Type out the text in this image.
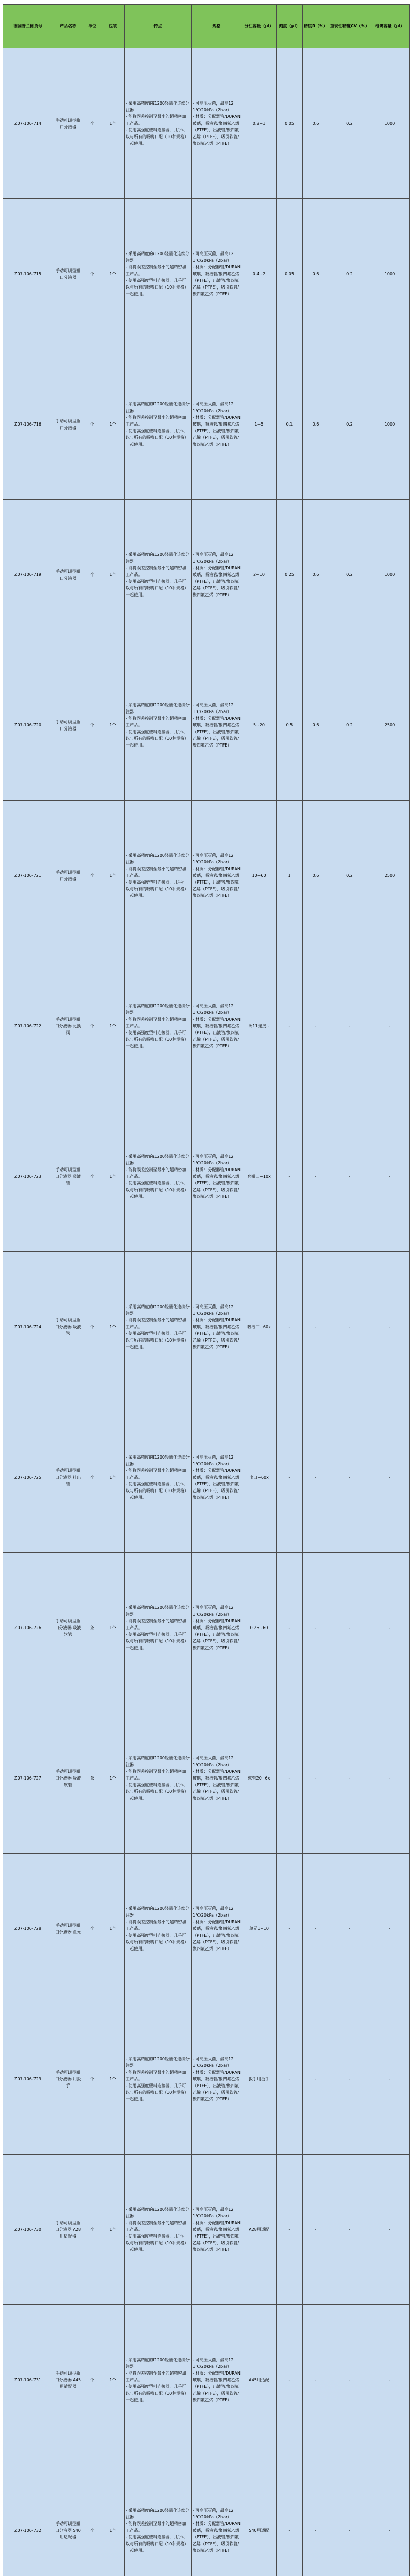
德国普兰德货号	产品名称	单位	包装	特点	规格	分注容量（μl）	刻度（μl）	精度R（%）	重现性精度CV（%）	枪嘴容量（μl）
Z07-106-714	手动可调型瓶口分液器	个	1个	- 采用高精度的ⅰ1200轻量化连续分注器
- 能将误差控制至最小的超精密加工产品。
- 使用高强度塑料连接器，几乎可以与所有的吸嘴口配（10种规格）一起使用。	- 可高压灭菌，最高121℃/20kPa（2bar）
- 材质：分配器管/DURAN玻璃，吸液管/聚四氟乙烯（PTFE），出液管/聚四氟乙烯（PTFE），吸引软管/聚四氟乙烯（PTFE）	0.2~1	0.05	0.6	0.2	1000
Z07-106-715	手动可调型瓶口分液器	个	1个	- 采用高精度的ⅰ1200轻量化连续分注器
- 能将误差控制至最小的超精密加工产品。
- 使用高强度塑料连接器，几乎可以与所有的吸嘴口配（10种规格）一起使用。	- 可高压灭菌，最高121℃/20kPa（2bar）
- 材质：分配器管/DURAN玻璃，吸液管/聚四氟乙烯（PTFE），出液管/聚四氟乙烯（PTFE），吸引软管/聚四氟乙烯（PTFE）	0.4~2	0.05	0.6	0.2	1000
Z07-106-716	手动可调型瓶口分液器	个	1个	- 采用高精度的ⅰ1200轻量化连续分注器
- 能将误差控制至最小的超精密加工产品。
- 使用高强度塑料连接器，几乎可以与所有的吸嘴口配（10种规格）一起使用。	- 可高压灭菌，最高121℃/20kPa（2bar）
- 材质：分配器管/DURAN玻璃，吸液管/聚四氟乙烯（PTFE），出液管/聚四氟乙烯（PTFE），吸引软管/聚四氟乙烯（PTFE）	1~5	0.1	0.6	0.2	1000
Z07-106-719	手动可调型瓶口分液器	个	1个	- 采用高精度的ⅰ1200轻量化连续分注器
- 能将误差控制至最小的超精密加工产品。
- 使用高强度塑料连接器，几乎可以与所有的吸嘴口配（10种规格）一起使用。	- 可高压灭菌，最高121℃/20kPa（2bar）
- 材质：分配器管/DURAN玻璃，吸液管/聚四氟乙烯（PTFE），出液管/聚四氟乙烯（PTFE），吸引软管/聚四氟乙烯（PTFE）	2~10	0.25	0.6	0.2	1000
Z07-106-720	手动可调型瓶口分液器	个	1个	- 采用高精度的ⅰ1200轻量化连续分注器
- 能将误差控制至最小的超精密加工产品。
- 使用高强度塑料连接器，几乎可以与所有的吸嘴口配（10种规格）一起使用。	- 可高压灭菌，最高121℃/20kPa（2bar）
- 材质：分配器管/DURAN玻璃，吸液管/聚四氟乙烯（PTFE），出液管/聚四氟乙烯（PTFE），吸引软管/聚四氟乙烯（PTFE）	5~20	0.5	0.6	0.2	2500
Z07-106-721	手动可调型瓶口分液器	个	1个	- 采用高精度的ⅰ1200轻量化连续分注器
- 能将误差控制至最小的超精密加工产品。
- 使用高强度塑料连接器，几乎可以与所有的吸嘴口配（10种规格）一起使用。	- 可高压灭菌，最高121℃/20kPa（2bar）
- 材质：分配器管/DURAN玻璃，吸液管/聚四氟乙烯（PTFE），出液管/聚四氟乙烯（PTFE），吸引软管/聚四氟乙烯（PTFE）	10~60	1	0.6	0.2	2500
Z07-106-722	手动可调型瓶口分液器 更换阀	个	1个	- 采用高精度的ⅰ1200轻量化连续分注器
- 能将误差控制至最小的超精密加工产品。
- 使用高强度塑料连接器，几乎可以与所有的吸嘴口配（10种规格）一起使用。	- 可高压灭菌，最高121℃/20kPa（2bar）
- 材质：分配器管/DURAN玻璃，吸液管/聚四氟乙烯（PTFE），出液管/聚四氟乙烯（PTFE），吸引软管/聚四氟乙烯（PTFE）	阀11连接~	-	-	-	-
Z07-106-723	手动可调型瓶口分液器 吸液管	个	1个	- 采用高精度的ⅰ1200轻量化连续分注器
- 能将误差控制至最小的超精密加工产品。
- 使用高强度塑料连接器，几乎可以与所有的吸嘴口配（10种规格）一起使用。	- 可高压灭菌，最高121℃/20kPa（2bar）
- 材质：分配器管/DURAN玻璃，吸液管/聚四氟乙烯（PTFE），出液管/聚四氟乙烯（PTFE），吸引软管/聚四氟乙烯（PTFE）	套瓶口~10x	-	-	-	-
Z07-106-724	手动可调型瓶口分液器 吸液管	个	1个	- 采用高精度的ⅰ1200轻量化连续分注器
- 能将误差控制至最小的超精密加工产品。
- 使用高强度塑料连接器，几乎可以与所有的吸嘴口配（10种规格）一起使用。	- 可高压灭菌，最高121℃/20kPa（2bar）
- 材质：分配器管/DURAN玻璃，吸液管/聚四氟乙烯（PTFE），出液管/聚四氟乙烯（PTFE），吸引软管/聚四氟乙烯（PTFE）	吸液口~60x	-	-	-	-
Z07-106-725	手动可调型瓶口分液器 排出管	个	1个	- 采用高精度的ⅰ1200轻量化连续分注器
- 能将误差控制至最小的超精密加工产品。
- 使用高强度塑料连接器，几乎可以与所有的吸嘴口配（10种规格）一起使用。	- 可高压灭菌，最高121℃/20kPa（2bar）
- 材质：分配器管/DURAN玻璃，吸液管/聚四氟乙烯（PTFE），出液管/聚四氟乙烯（PTFE），吸引软管/聚四氟乙烯（PTFE）	出口~60x	-	-	-	-
Z07-106-726	手动可调型瓶口分液器 吸液软管	条	1个	- 采用高精度的ⅰ1200轻量化连续分注器
- 能将误差控制至最小的超精密加工产品。
- 使用高强度塑料连接器，几乎可以与所有的吸嘴口配（10种规格）一起使用。	- 可高压灭菌，最高121℃/20kPa（2bar）
- 材质：分配器管/DURAN玻璃，吸液管/聚四氟乙烯（PTFE），出液管/聚四氟乙烯（PTFE），吸引软管/聚四氟乙烯（PTFE）	0.25~60	-	-	-	-
Z07-106-727	手动可调型瓶口分液器 吸液软管	条	1个	- 采用高精度的ⅰ1200轻量化连续分注器
- 能将误差控制至最小的超精密加工产品。
- 使用高强度塑料连接器，几乎可以与所有的吸嘴口配（10种规格）一起使用。	- 可高压灭菌，最高121℃/20kPa（2bar）
- 材质：分配器管/DURAN玻璃，吸液管/聚四氟乙烯（PTFE），出液管/聚四氟乙烯（PTFE），吸引软管/聚四氟乙烯（PTFE）	软管20~6x	-	-	-	-
Z07-106-728	手动可调型瓶口分液器 单元	个	1个	- 采用高精度的ⅰ1200轻量化连续分注器
- 能将误差控制至最小的超精密加工产品。
- 使用高强度塑料连接器，几乎可以与所有的吸嘴口配（10种规格）一起使用。	- 可高压灭菌，最高121℃/20kPa（2bar）
- 材质：分配器管/DURAN玻璃，吸液管/聚四氟乙烯（PTFE），出液管/聚四氟乙烯（PTFE），吸引软管/聚四氟乙烯（PTFE）	单元1~10	-	-	-	-
Z07-106-729	手动可调型瓶口分液器 用扳手	个	1个	- 采用高精度的ⅰ1200轻量化连续分注器
- 能将误差控制至最小的超精密加工产品。
- 使用高强度塑料连接器，几乎可以与所有的吸嘴口配（10种规格）一起使用。	- 可高压灭菌，最高121℃/20kPa（2bar）
- 材质：分配器管/DURAN玻璃，吸液管/聚四氟乙烯（PTFE），出液管/聚四氟乙烯（PTFE），吸引软管/聚四氟乙烯（PTFE）	扳手用扳手	-	-	-	-
Z07-106-730	手动可调型瓶口分液器 A28用适配器	个	1个	- 采用高精度的ⅰ1200轻量化连续分注器
- 能将误差控制至最小的超精密加工产品。
- 使用高强度塑料连接器，几乎可以与所有的吸嘴口配（10种规格）一起使用。	- 可高压灭菌，最高121℃/20kPa（2bar）
- 材质：分配器管/DURAN玻璃，吸液管/聚四氟乙烯（PTFE），出液管/聚四氟乙烯（PTFE），吸引软管/聚四氟乙烯（PTFE）	A28用适配	-	-	-	-
Z07-106-731	手动可调型瓶口分液器 A45用适配器	个	1个	- 采用高精度的ⅰ1200轻量化连续分注器
- 能将误差控制至最小的超精密加工产品。
- 使用高强度塑料连接器，几乎可以与所有的吸嘴口配（10种规格）一起使用。	- 可高压灭菌，最高121℃/20kPa（2bar）
- 材质：分配器管/DURAN玻璃，吸液管/聚四氟乙烯（PTFE），出液管/聚四氟乙烯（PTFE），吸引软管/聚四氟乙烯（PTFE）	A45用适配	-	-	-	-
Z07-106-732	手动可调型瓶口分液器 S40用适配器	个	1个	- 采用高精度的ⅰ1200轻量化连续分注器
- 能将误差控制至最小的超精密加工产品。
- 使用高强度塑料连接器，几乎可以与所有的吸嘴口配（10种规格）一起使用。	- 可高压灭菌，最高121℃/20kPa（2bar）
- 材质：分配器管/DURAN玻璃，吸液管/聚四氟乙烯（PTFE），出液管/聚四氟乙烯（PTFE），吸引软管/聚四氟乙烯（PTFE）	S40用适配	-	-	-	-
